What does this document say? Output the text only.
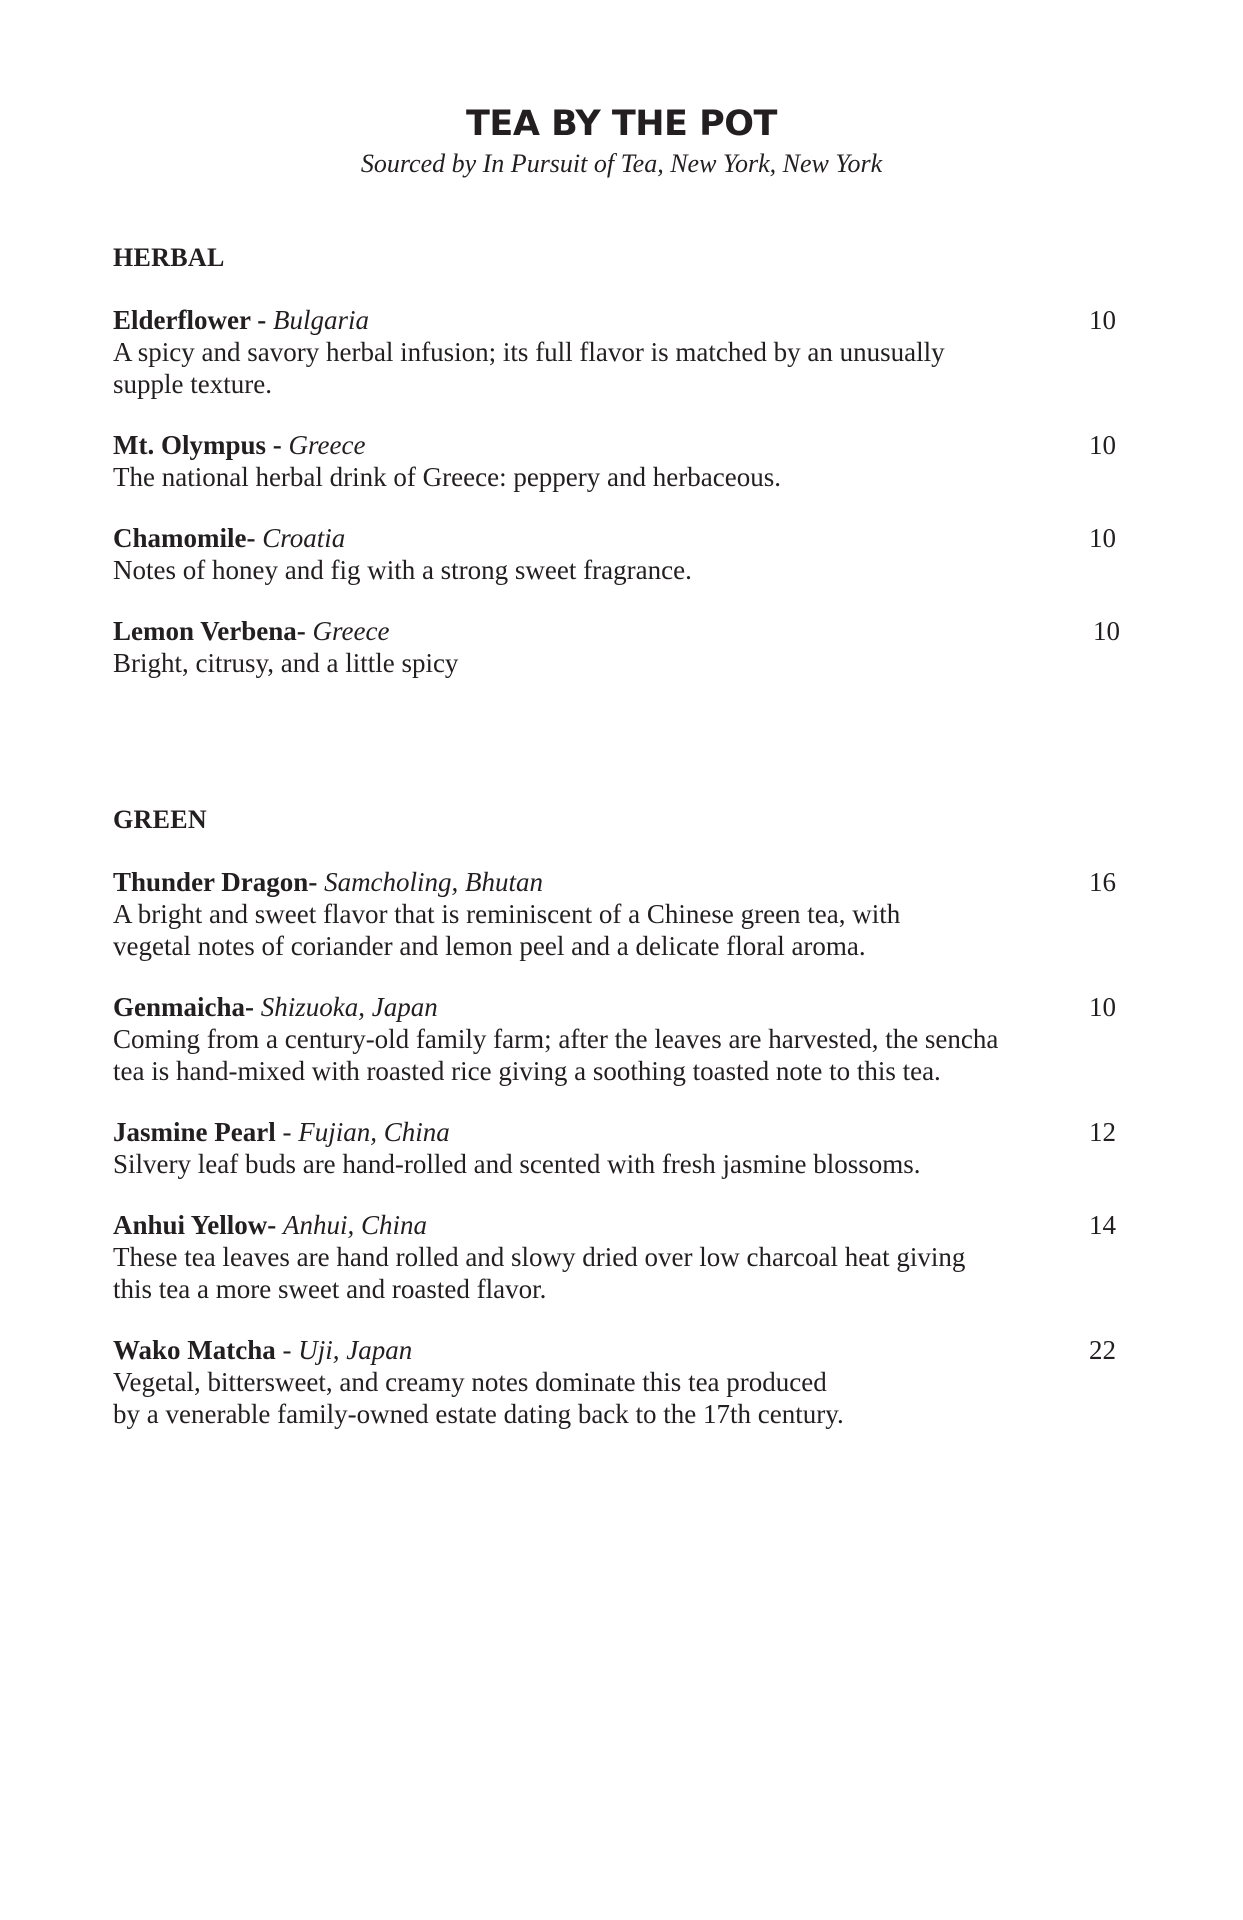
TEA BY THE POT
Sourced by In Pursuit of Tea, New York, New York
HERBAL
Elderflower - Bulgaria	10
A spicy and savory herbal infusion; its full flavor is matched by an unusually
supple texture.
Mt. Olympus - Greece	10
The national herbal drink of Greece: peppery and herbaceous.
Chamomile- Croatia	10
Notes of honey and fig with a strong sweet fragrance.
Lemon Verbena- Greece	10
Bright, citrusy, and a little spicy
GREEN
Thunder Dragon- Samcholing, Bhutan	16
A bright and sweet flavor that is reminiscent of a Chinese green tea, with
vegetal notes of coriander and lemon peel and a delicate floral aroma.
Genmaicha- Shizuoka, Japan	10
Coming from a century-old family farm; after the leaves are harvested, the sencha
tea is hand-mixed with roasted rice giving a soothing toasted note to this tea.
Jasmine Pearl - Fujian, China	12
Silvery leaf buds are hand-rolled and scented with fresh jasmine blossoms.
Anhui Yellow- Anhui, China	14
These tea leaves are hand rolled and slowy dried over low charcoal heat giving
this tea a more sweet and roasted flavor.
Wako Matcha - Uji, Japan	22
Vegetal, bittersweet, and creamy notes dominate this tea produced
by a venerable family-owned estate dating back to the 17th century.
